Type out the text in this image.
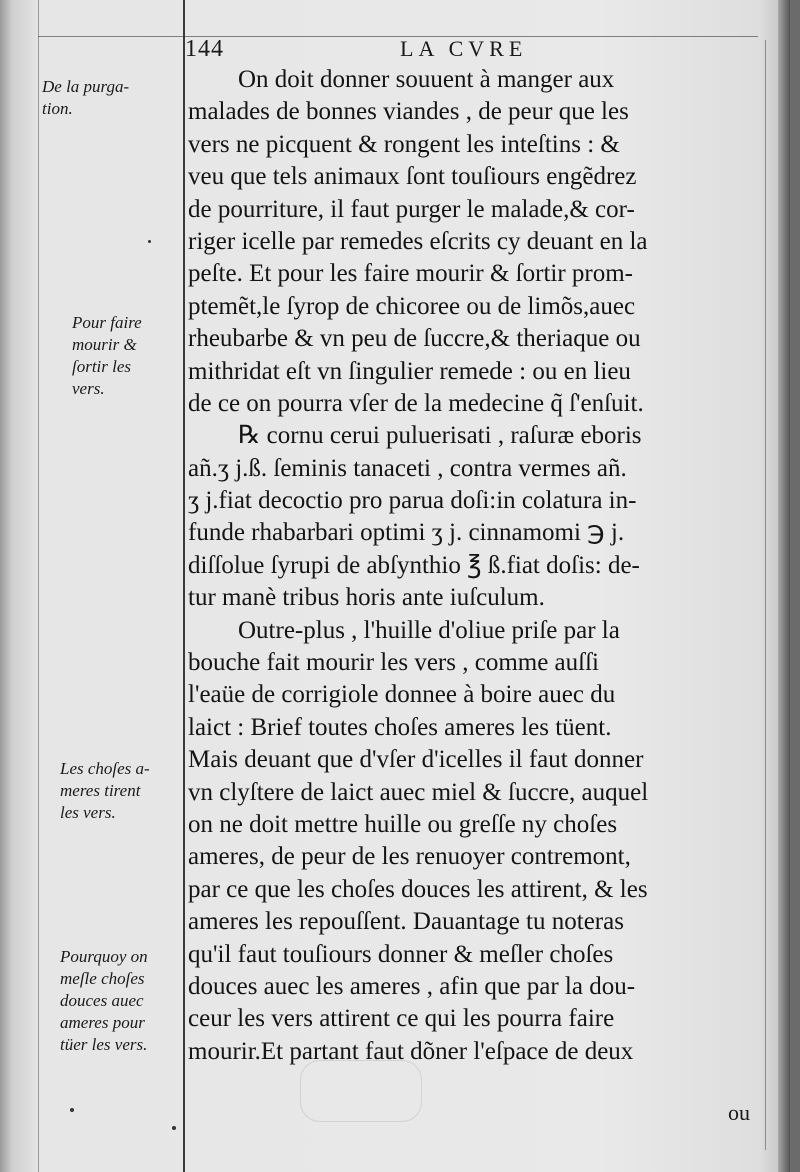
144	LA CVRE
On doit donner souuent à manger aux
malades de bonnes viandes , de peur que les
vers ne picquent & rongent les inteſtins : &
veu que tels animaux ſont touſiours engẽdrez
de pourriture, il faut purger le malade,& cor-
riger icelle par remedes eſcrits cy deuant en la
peſte. Et pour les faire mourir & ſortir prom-
ptemẽt,le ſyrop de chicoree ou de limõs,auec
rheubarbe & vn peu de ſuccre,& theriaque ou
mithridat eſt vn ſingulier remede : ou en lieu
de ce on pourra vſer de la medecine q̃ ſ'enſuit.
℞ cornu cerui puluerisati , raſuræ eboris
añ.ʒ j.ß. ſeminis tanaceti , contra vermes añ.
ʒ j.fiat decoctio pro parua doſi:in colatura in-
funde rhabarbari optimi ʒ j. cinnamomi ℈ j.
diſſolue ſyrupi de abſynthio ℥ ß.fiat doſis: de-
tur manè tribus horis ante iuſculum.
Outre-plus , l'huille d'oliue priſe par la
bouche fait mourir les vers , comme auſſi
l'eaüe de corrigiole donnee à boire auec du
laict : Brief toutes choſes ameres les tüent.
Mais deuant que d'vſer d'icelles il faut donner
vn clyſtere de laict auec miel & ſuccre, auquel
on ne doit mettre huille ou greſſe ny choſes
ameres, de peur de les renuoyer contremont,
par ce que les choſes douces les attirent, & les
ameres les repouſſent. Dauantage tu noteras
qu'il faut touſiours donner & meſler choſes
douces auec les ameres , afin que par la dou-
ceur les vers attirent ce qui les pourra faire
mourir.Et partant faut dõner l'eſpace de deux
De la purga-
tion.
Pour faire
mourir &
ſortir les
vers.
Les choſes a-
meres tirent
les vers.
Pourquoy on
meſle choſes
douces auec
ameres pour
tüer les vers.
ou
